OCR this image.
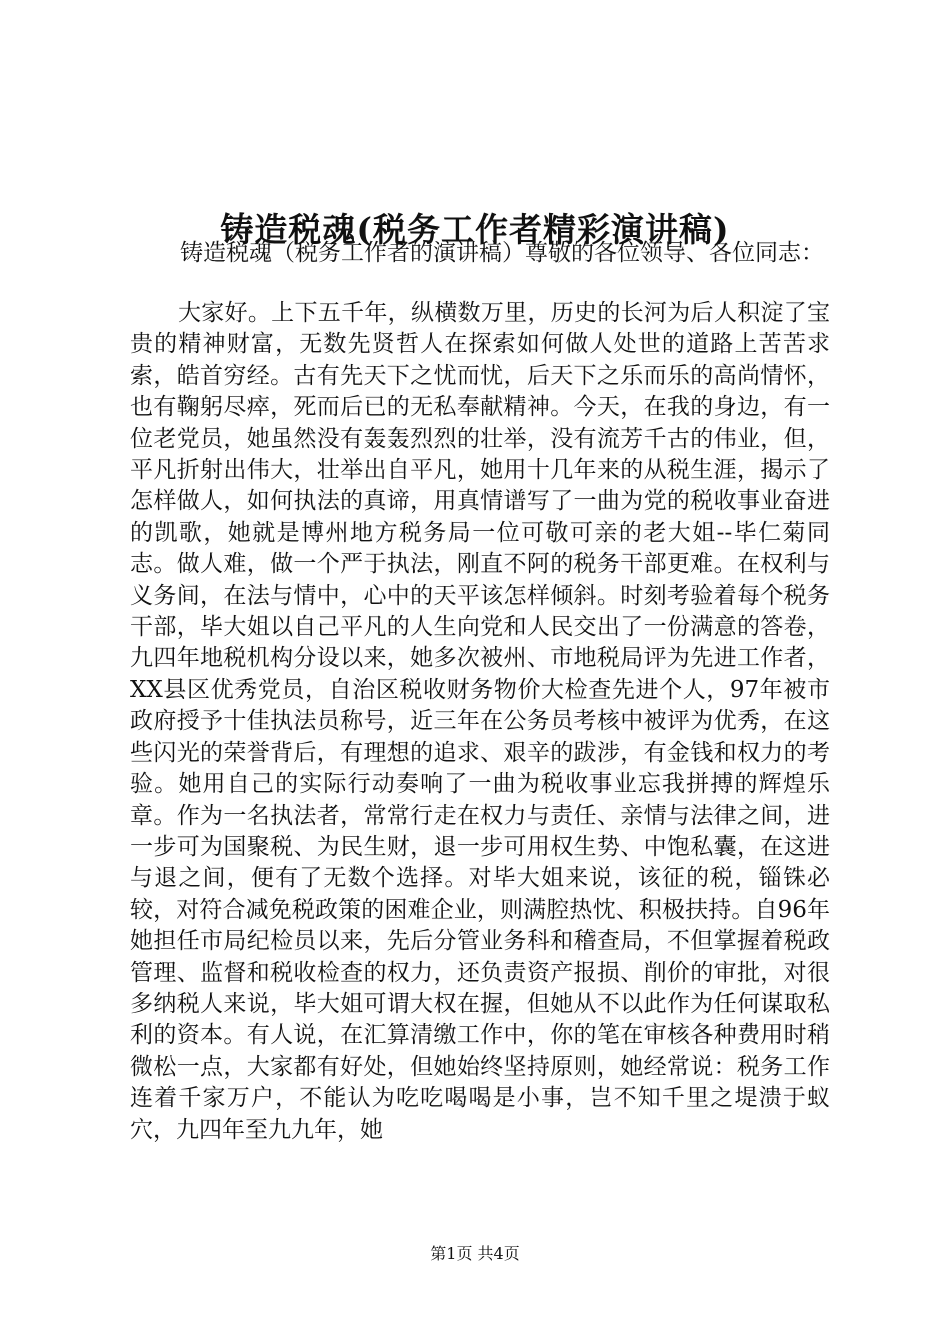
铸造税魂(税务工作者精彩演讲稿)

铸造税魂（税务工作者的演讲稿）尊敬的各位领导、各位同志：

大家好。上下五千年，纵横数万里，历史的长河为后人积淀了宝贵的精神财富，无数先贤哲人在探索如何做人处世的道路上苦苦求索，皓首穷经。古有先天下之忧而忧，后天下之乐而乐的高尚情怀，也有鞠躬尽瘁，死而后已的无私奉献精神。今天，在我的身边，有一位老党员，她虽然没有轰轰烈烈的壮举，没有流芳千古的伟业，但，平凡折射出伟大，壮举出自平凡，她用十几年来的从税生涯，揭示了怎样做人，如何执法的真谛，用真情谱写了一曲为党的税收事业奋进的凯歌，她就是博州地方税务局一位可敬可亲的老大姐--毕仁菊同志。做人难，做一个严于执法，刚直不阿的税务干部更难。在权利与义务间，在法与情中，心中的天平该怎样倾斜。时刻考验着每个税务干部，毕大姐以自己平凡的人生向党和人民交出了一份满意的答卷，九四年地税机构分设以来，她多次被州、市地税局评为先进工作者，XX县区优秀党员，自治区税收财务物价大检查先进个人，97年被市政府授予十佳执法员称号，近三年在公务员考核中被评为优秀，在这些闪光的荣誉背后，有理想的追求、艰辛的跋涉，有金钱和权力的考验。她用自己的实际行动奏响了一曲为税收事业忘我拼搏的辉煌乐章。作为一名执法者，常常行走在权力与责任、亲情与法律之间，进一步可为国聚税、为民生财，退一步可用权生势、中饱私囊，在这进与退之间，便有了无数个选择。对毕大姐来说，该征的税，锱铢必较，对符合减免税政策的困难企业，则满腔热忱、积极扶持。自96年她担任市局纪检员以来，先后分管业务科和稽查局，不但掌握着税政管理、监督和税收检查的权力，还负责资产报损、削价的审批，对很多纳税人来说，毕大姐可谓大权在握，但她从不以此作为任何谋取私利的资本。有人说，在汇算清缴工作中，你的笔在审核各种费用时稍微松一点，大家都有好处，但她始终坚持原则，她经常说：税务工作连着千家万户，不能认为吃吃喝喝是小事，岂不知千里之堤溃于蚁穴，九四年至九九年，她

第1页 共4页
